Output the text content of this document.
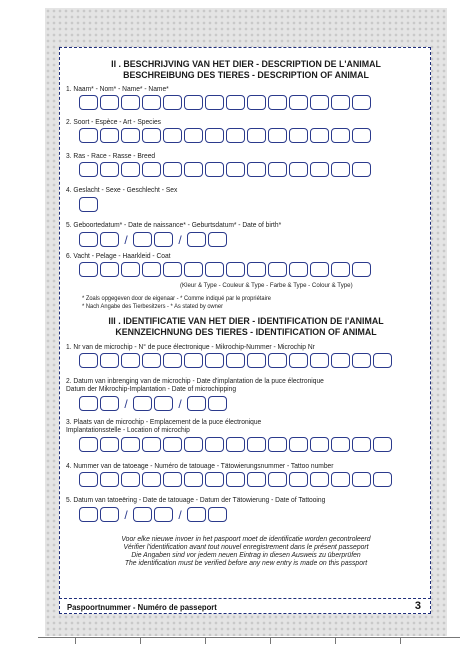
II . BESCHRIJVING VAN HET DIER - DESCRIPTION DE L'ANIMAL
BESCHREIBUNG DES TIERES - DESCRIPTION OF ANIMAL
1. Naam* - Nom* - Name* - Name*
2. Soort - Espèce - Art - Species
3. Ras - Race - Rasse - Breed
4. Geslacht - Sexe - Geschlecht - Sex
5. Geboortedatum* - Date de naissance* - Geburtsdatum* - Date of birth*
/	/
6. Vacht - Pelage - Haarkleid - Coat
(Kleur & Type - Couleur & Type - Farbe & Type - Colour & Type)
* Zoals opgegeven door de eigenaar - * Comme indiqué par le propriétaire
* Nach Angabe des Tierbesitzers - * As stated by owner
III . IDENTIFICATIE VAN HET DIER - IDENTIFICATION DE l'ANIMAL
KENNZEICHNUNG DES TIERES - IDENTIFICATION OF ANIMAL
1. Nr van de microchip - N° de puce électronique - Mikrochip-Nummer - Microchip Nr
2. Datum van inbrenging van de microchip - Date d'implantation de la puce électronique
Datum der Mikrochip-Implantation - Date of microchipping
/	/
3. Plaats van de microchip - Emplacement de la puce électronique
Implantationsstelle - Location of microchip
4. Nummer van de tatoeage - Numéro de tatouage - Tätowierungsnummer - Tattoo number
5. Datum van tatoeëring - Date de tatouage - Datum der Tätowierung - Date of Tattooing
/	/
Voor elke nieuwe invoer in het paspoort moet de identificatie worden gecontroleerd
Vérifier l'identification avant tout nouvel enregistrement dans le présent passeport
Die Angaben sind vor jedem neuen Eintrag in diesen Ausweis zu überprüfen
The identification must be verified before any new entry is made on this passport
Paspoortnummer - Numéro de passeport	3
